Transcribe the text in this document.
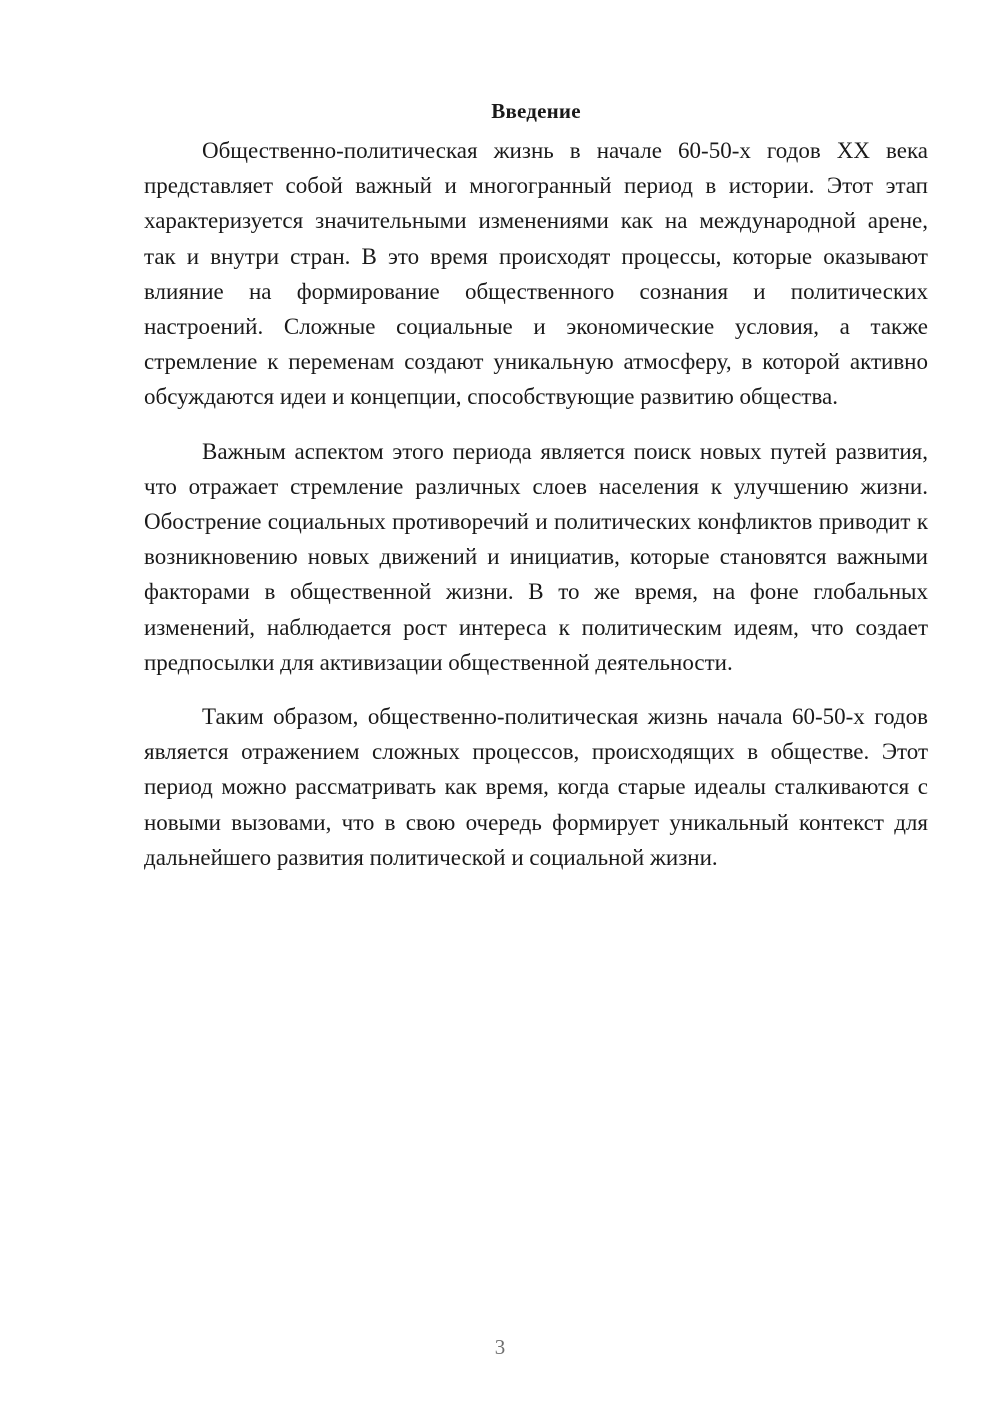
Введение

Общественно-политическая жизнь в начале 60-50-х годов XX века представляет собой важный и многогранный период в истории. Этот этап характеризуется значительными изменениями как на международной арене, так и внутри стран. В это время происходят процессы, которые оказывают влияние на формирование общественного сознания и политических настроений. Сложные социальные и экономические условия, а также стремление к переменам создают уникальную атмосферу, в которой активно обсуждаются идеи и концепции, способствующие развитию общества.

Важным аспектом этого периода является поиск новых путей развития, что отражает стремление различных слоев населения к улучшению жизни. Обострение социальных противоречий и политических конфликтов приводит к возникновению новых движений и инициатив, которые становятся важными факторами в общественной жизни. В то же время, на фоне глобальных изменений, наблюдается рост интереса к политическим идеям, что создает предпосылки для активизации общественной деятельности.

Таким образом, общественно-политическая жизнь начала 60-50-х годов является отражением сложных процессов, происходящих в обществе. Этот период можно рассматривать как время, когда старые идеалы сталкиваются с новыми вызовами, что в свою очередь формирует уникальный контекст для дальнейшего развития политической и социальной жизни.

3
